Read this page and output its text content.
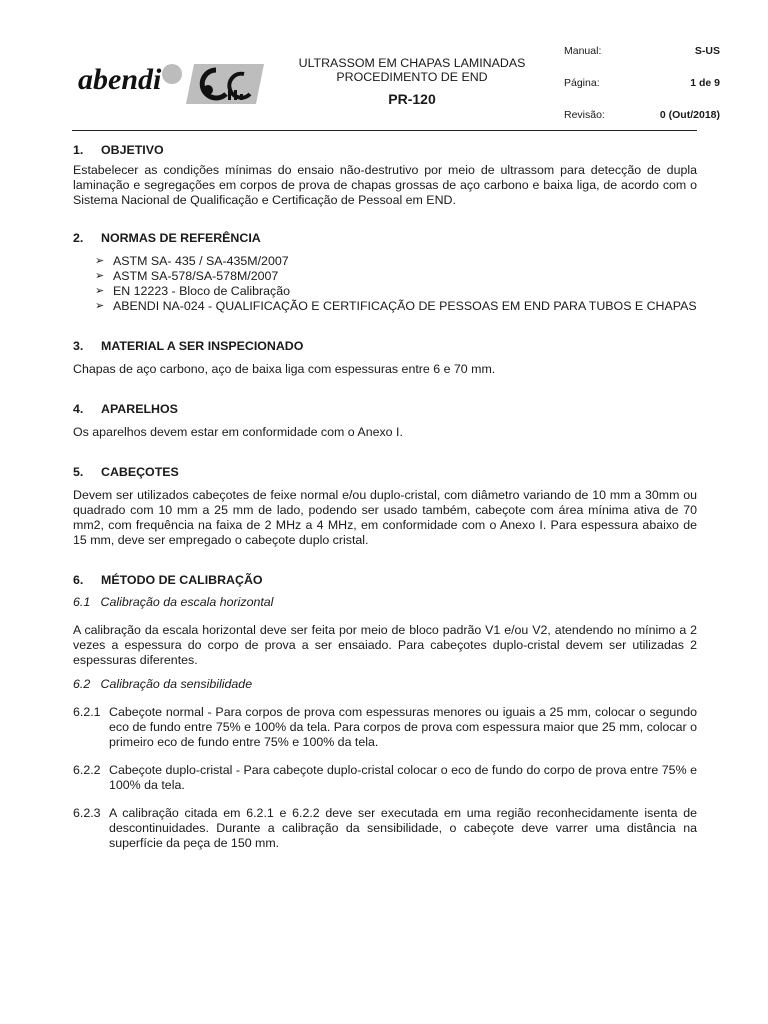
abendi	ULTRASSOM EM CHAPAS LAMINADAS
PROCEDIMENTO DE END
PR-120
Manual:	S-US
Página:	1 de 9
Revisão:	0 (Out/2018)

1. OBJETIVO

Estabelecer as condições mínimas do ensaio não-destrutivo por meio de ultrassom para detecção de dupla laminação e segregações em corpos de prova de chapas grossas de aço carbono e baixa liga, de acordo com o Sistema Nacional de Qualificação e Certificação de Pessoal em END.

2. NORMAS DE REFERÊNCIA

➢ ASTM SA- 435 / SA-435M/2007
➢ ASTM SA-578/SA-578M/2007
➢ EN 12223 - Bloco de Calibração
➢ ABENDI NA-024 - QUALIFICAÇÃO E CERTIFICAÇÃO DE PESSOAS EM END PARA TUBOS E CHAPAS

3. MATERIAL A SER INSPECIONADO

Chapas de aço carbono, aço de baixa liga com espessuras entre 6 e 70 mm.

4. APARELHOS

Os aparelhos devem estar em conformidade com o Anexo I.

5. CABEÇOTES

Devem ser utilizados cabeçotes de feixe normal e/ou duplo-cristal, com diâmetro variando de 10 mm a 30mm ou quadrado com 10 mm a 25 mm de lado, podendo ser usado também, cabeçote com área mínima ativa de 70 mm2, com frequência na faixa de 2 MHz a 4 MHz, em conformidade com o Anexo I. Para espessura abaixo de 15 mm, deve ser empregado o cabeçote duplo cristal.

6. MÉTODO DE CALIBRAÇÃO

6.1   Calibração da escala horizontal

A calibração da escala horizontal deve ser feita por meio de bloco padrão V1 e/ou V2, atendendo no mínimo a 2 vezes a espessura do corpo de prova a ser ensaiado. Para cabeçotes duplo-cristal devem ser utilizadas 2 espessuras diferentes.

6.2   Calibração da sensibilidade

6.2.1 Cabeçote normal - Para corpos de prova com espessuras menores ou iguais a 25 mm, colocar o segundo eco de fundo entre 75% e 100% da tela. Para corpos de prova com espessura maior que 25 mm, colocar o primeiro eco de fundo entre 75% e 100% da tela.
6.2.2 Cabeçote duplo-cristal - Para cabeçote duplo-cristal colocar o eco de fundo do corpo de prova entre 75% e 100% da tela.
6.2.3 A calibração citada em 6.2.1 e 6.2.2 deve ser executada em uma região reconhecidamente isenta de descontinuidades. Durante a calibração da sensibilidade, o cabeçote deve varrer uma distância na superfície da peça de 150 mm.
